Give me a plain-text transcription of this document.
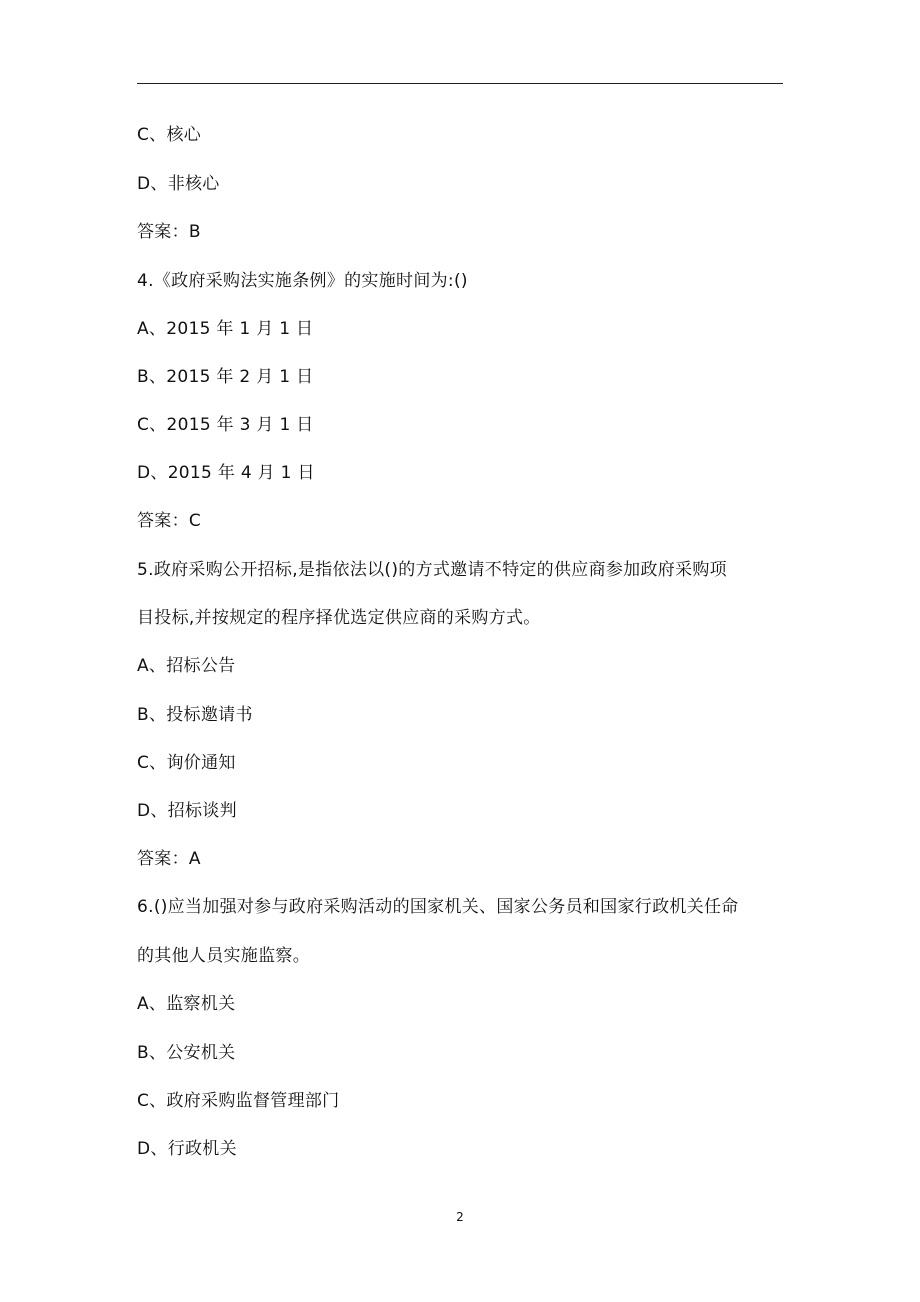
C、核心
D、非核心
答案：B
4.《政府采购法实施条例》的实施时间为:()
A、2015 年 1 月 1 日
B、2015 年 2 月 1 日
C、2015 年 3 月 1 日
D、2015 年 4 月 1 日
答案：C
5.政府采购公开招标,是指依法以()的方式邀请不特定的供应商参加政府采购项
目投标,并按规定的程序择优选定供应商的采购方式。
A、招标公告
B、投标邀请书
C、询价通知
D、招标谈判
答案：A
6.()应当加强对参与政府采购活动的国家机关、国家公务员和国家行政机关任命
的其他人员实施监察。
A、监察机关
B、公安机关
C、政府采购监督管理部门
D、行政机关
2
